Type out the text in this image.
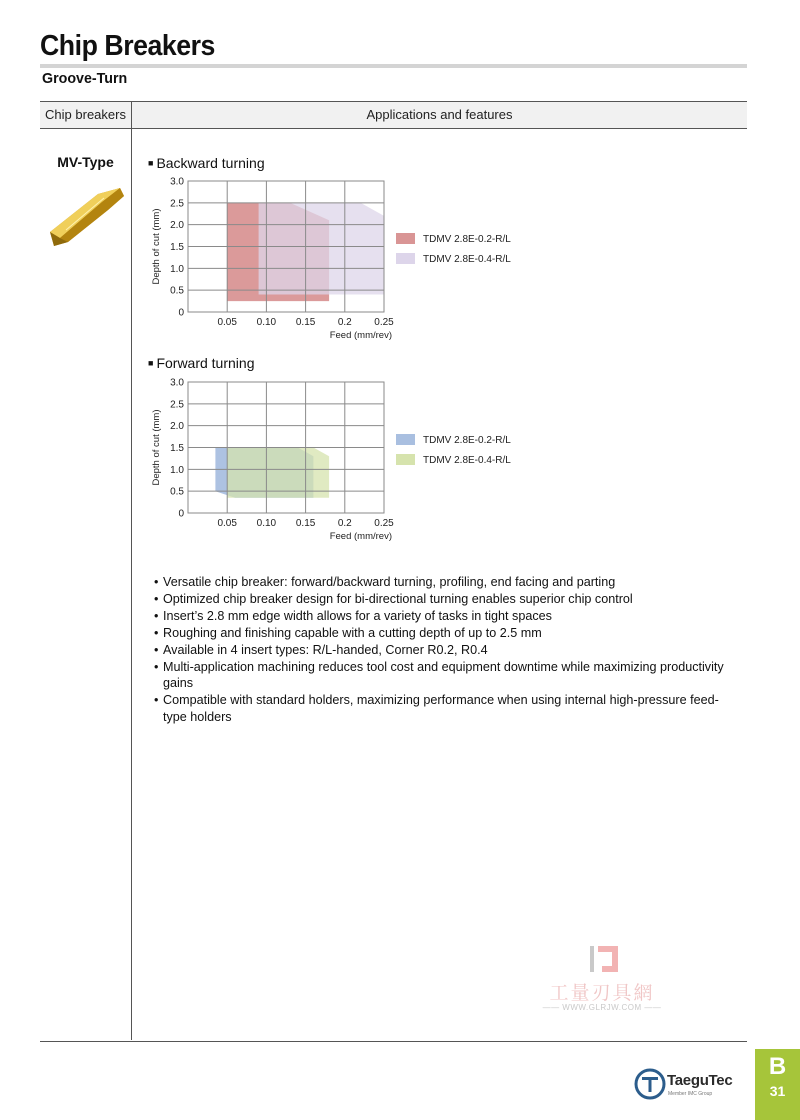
Chip Breakers
Groove-Turn
Chip breakers	Applications and features
MV-Type	■ Backward turning
0.05 0.10 0.15 0.2 0.25
0
0.5
1.0
1.5
2.0
2.5
3.0
Feed (mm/rev)
Depth of cut (mm)	TDMV 2.8E-0.2-R/L
TDMV 2.8E-0.4-R/L
■ Forward turning
0.05 0.10 0.15 0.2 0.25
0
0.5
1.0
1.5
2.0
2.5
3.0
Feed (mm/rev)
Depth of cut (mm)	TDMV 2.8E-0.2-R/L
TDMV 2.8E-0.4-R/L
• Versatile chip breaker: forward/backward turning, profiling, end facing and parting
• Optimized chip breaker design for bi-directional turning enables superior chip control
• Insert’s 2.8 mm edge width allows for a variety of tasks in tight spaces
• Roughing and finishing capable with a cutting depth of up to 2.5 mm
• Available in 4 insert types: R/L-handed, Corner R0.2, R0.4
• Multi-application machining reduces tool cost and equipment downtime while maximizing productivity gains
• Compatible with standard holders, maximizing performance when using internal high-pressure feed-type holders
工量刃具網
—— WWW.GLRJW.COM ——
B
31
TaeguTec
Member IMC Group
